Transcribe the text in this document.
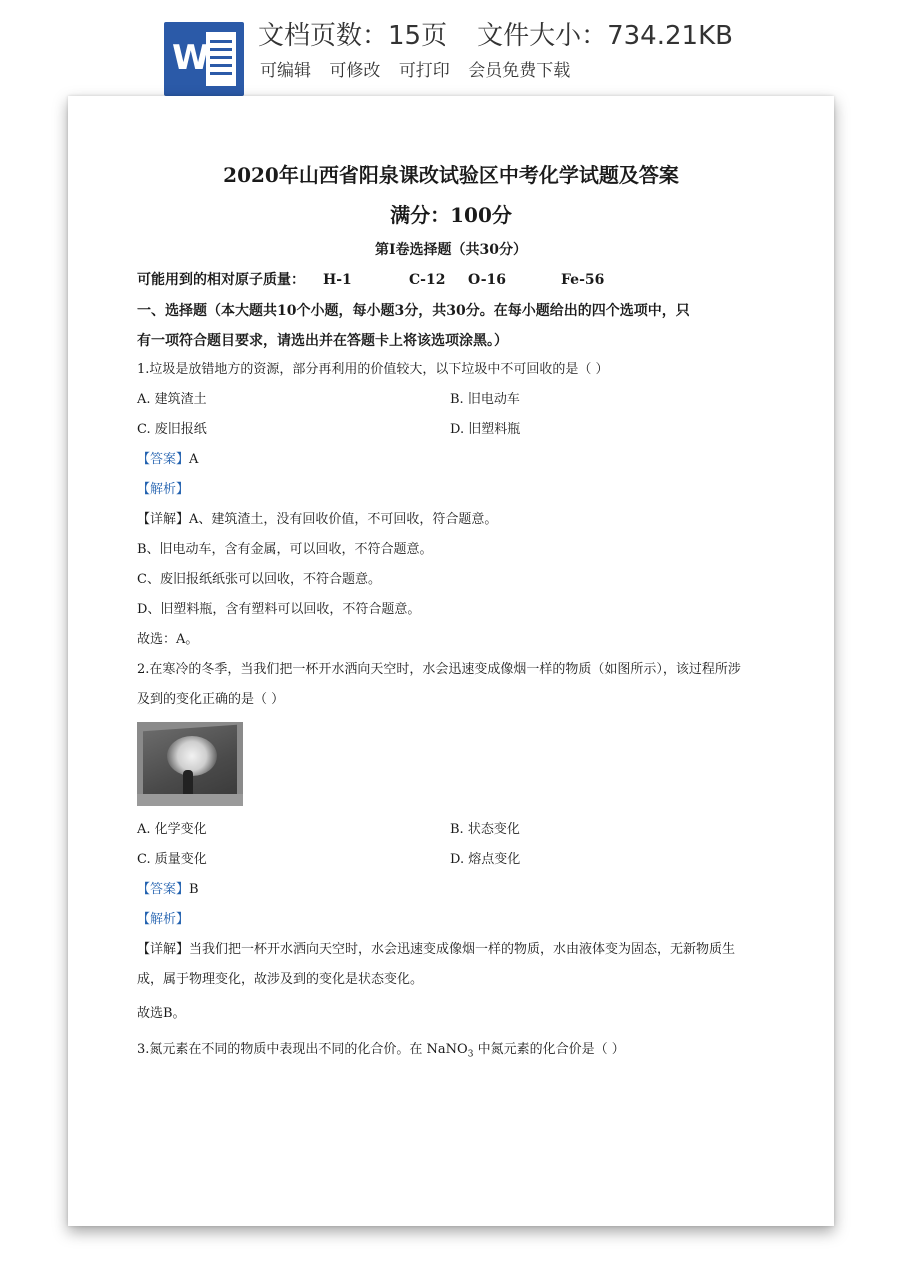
W
文档页数：15页 文件大小：734.21KB
可编辑 可修改 可打印 会员免费下载
2020年山西省阳泉课改试验区中考化学试题及答案
满分：100分
第Ⅰ卷选择题（共30分）
可能用到的相对原子质量： H-1	C-12 O-16	Fe-56
一、选择题（本大题共10个小题，每小题3分，共30分。在每小题给出的四个选项中，只
有一项符合题目要求，请选出并在答题卡上将该选项涂黑。）
1.垃圾是放错地方的资源，部分再利用的价值较大，以下垃圾中不可回收的是（ ）
A. 建筑渣土	B. 旧电动车
C. 废旧报纸	D. 旧塑料瓶
【答案】A
【解析】
【详解】A、建筑渣土，没有回收价值，不可回收，符合题意。
B、旧电动车，含有金属，可以回收，不符合题意。
C、废旧报纸纸张可以回收，不符合题意。
D、旧塑料瓶，含有塑料可以回收，不符合题意。
故选：A。
2.在寒冷的冬季，当我们把一杯开水洒向天空时，水会迅速变成像烟一样的物质（如图所示），该过程所涉
及到的变化正确的是（ ）
A. 化学变化	B. 状态变化
C. 质量变化	D. 熔点变化
【答案】B
【解析】
【详解】当我们把一杯开水洒向天空时，水会迅速变成像烟一样的物质，水由液体变为固态，无新物质生
成，属于物理变化，故涉及到的变化是状态变化。
故选B。
3.氮元素在不同的物质中表现出不同的化合价。在 NaNO$_3$ 中氮元素的化合价是（ ）
